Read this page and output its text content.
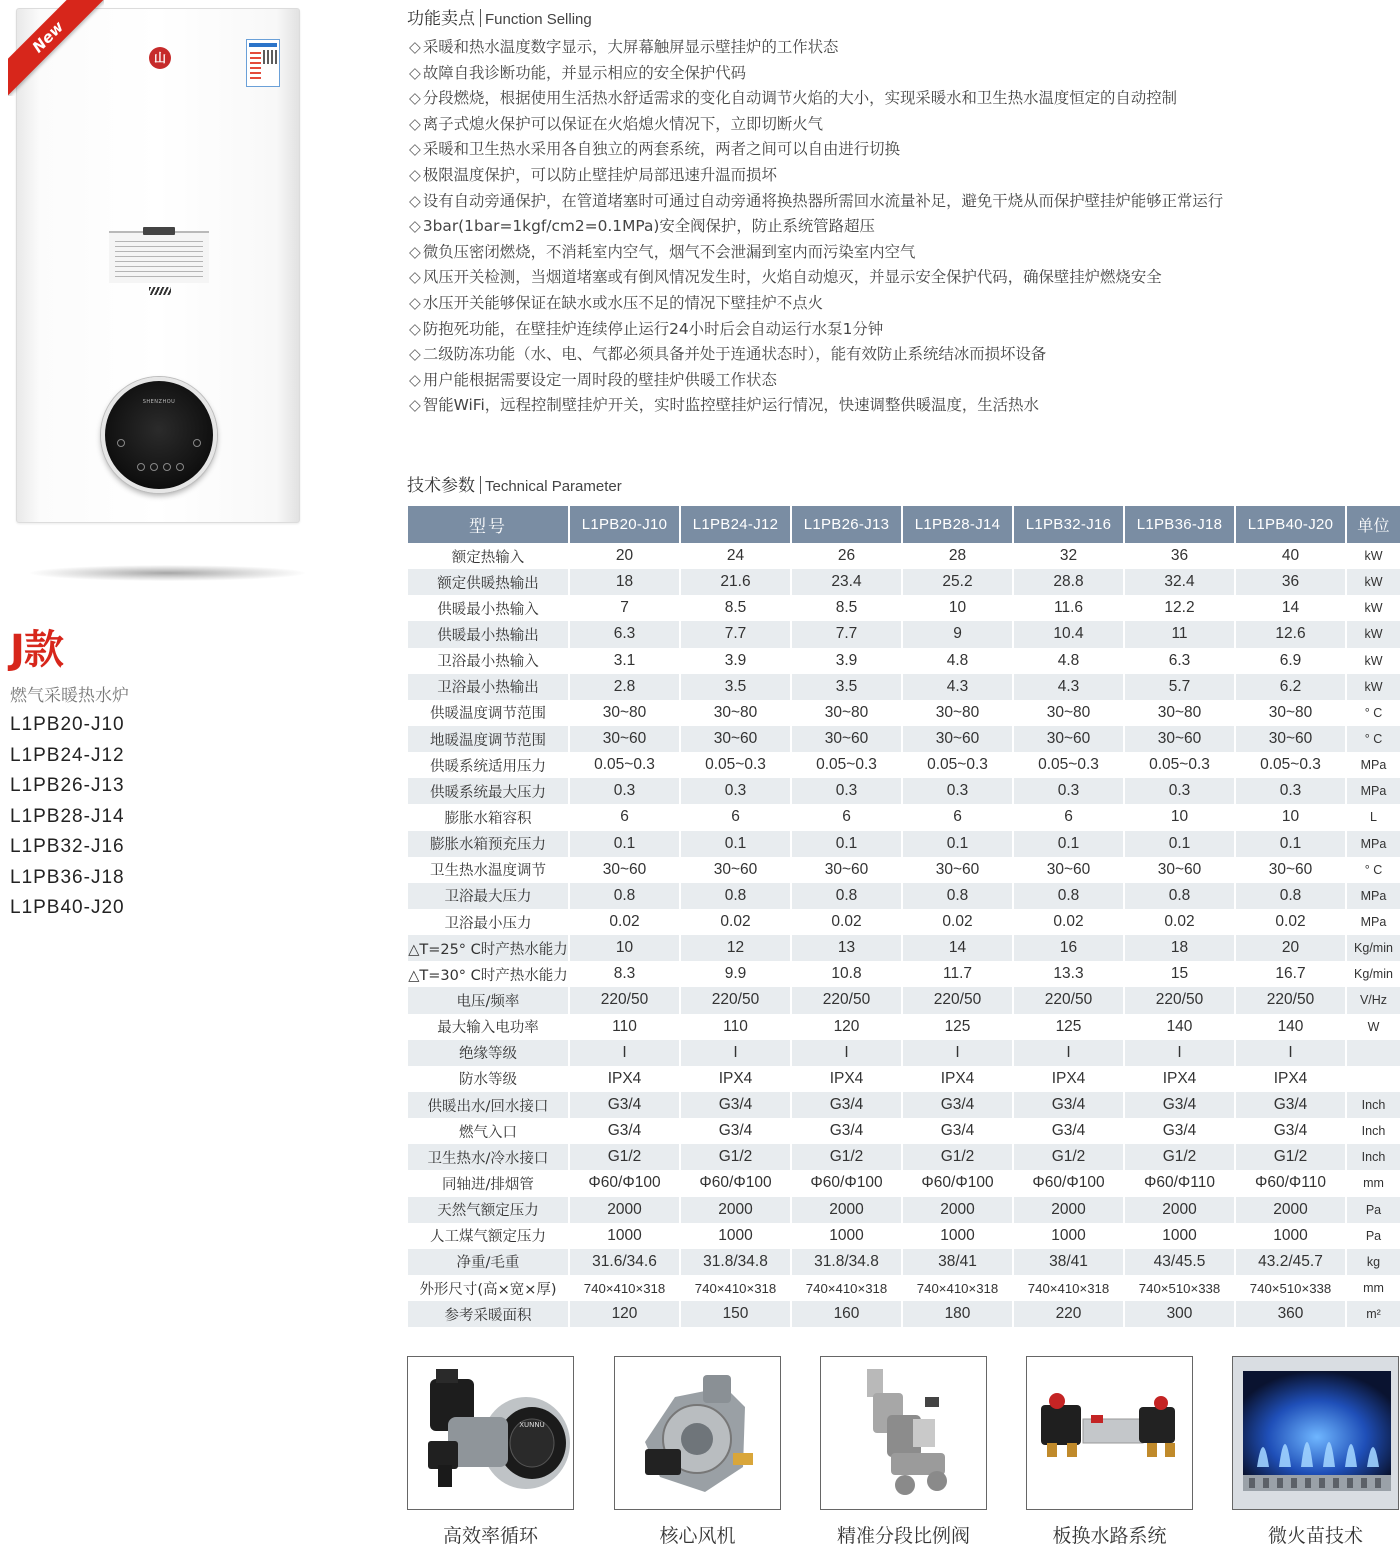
山
SHENZHOU
New
J款
燃气采暖热水炉
L1PB20-J10
L1PB24-J12
L1PB26-J13
L1PB28-J14
L1PB32-J16
L1PB36-J18
L1PB40-J20
功能卖点 Function Selling
◇ 采暖和热水温度数字显示，大屏幕触屏显示壁挂炉的工作状态
◇ 故障自我诊断功能，并显示相应的安全保护代码
◇ 分段燃烧，根据使用生活热水舒适需求的变化自动调节火焰的大小，实现采暖水和卫生热水温度恒定的自动控制
◇ 离子式熄火保护可以保证在火焰熄火情况下，立即切断火气
◇ 采暖和卫生热水采用各自独立的两套系统，两者之间可以自由进行切换
◇ 极限温度保护，可以防止壁挂炉局部迅速升温而损坏
◇ 设有自动旁通保护，在管道堵塞时可通过自动旁通将换热器所需回水流量补足，避免干烧从而保护壁挂炉能够正常运行
◇ 3bar(1bar=1kgf/cm2=0.1MPa)安全阀保护，防止系统管路超压
◇ 微负压密闭燃烧，不消耗室内空气，烟气不会泄漏到室内而污染室内空气
◇ 风压开关检测，当烟道堵塞或有倒风情况发生时，火焰自动熄灭，并显示安全保护代码，确保壁挂炉燃烧安全
◇ 水压开关能够保证在缺水或水压不足的情况下壁挂炉不点火
◇ 防抱死功能，在壁挂炉连续停止运行24小时后会自动运行水泵1分钟
◇ 二级防冻功能（水、电、气都必须具备并处于连通状态时），能有效防止系统结冰而损坏设备
◇ 用户能根据需要设定一周时段的壁挂炉供暖工作状态
◇ 智能WiFi，远程控制壁挂炉开关，实时监控壁挂炉运行情况，快速调整供暖温度，生活热水
技术参数 Technical Parameter
型号	L1PB20-J10	L1PB24-J12	L1PB26-J13	L1PB28-J14	L1PB32-J16	L1PB36-J18	L1PB40-J20	单位
额定热输入	20	24	26	28	32	36	40	kW
额定供暖热输出	18	21.6	23.4	25.2	28.8	32.4	36	kW
供暖最小热输入	7	8.5	8.5	10	11.6	12.2	14	kW
供暖最小热输出	6.3	7.7	7.7	9	10.4	11	12.6	kW
卫浴最小热输入	3.1	3.9	3.9	4.8	4.8	6.3	6.9	kW
卫浴最小热输出	2.8	3.5	3.5	4.3	4.3	5.7	6.2	kW
供暖温度调节范围	30~80	30~80	30~80	30~80	30~80	30~80	30~80	° C
地暖温度调节范围	30~60	30~60	30~60	30~60	30~60	30~60	30~60	° C
供暖系统适用压力	0.05~0.3	0.05~0.3	0.05~0.3	0.05~0.3	0.05~0.3	0.05~0.3	0.05~0.3	MPa
供暖系统最大压力	0.3	0.3	0.3	0.3	0.3	0.3	0.3	MPa
膨胀水箱容积	6	6	6	6	6	10	10	L
膨胀水箱预充压力	0.1	0.1	0.1	0.1	0.1	0.1	0.1	MPa
卫生热水温度调节	30~60	30~60	30~60	30~60	30~60	30~60	30~60	° C
卫浴最大压力	0.8	0.8	0.8	0.8	0.8	0.8	0.8	MPa
卫浴最小压力	0.02	0.02	0.02	0.02	0.02	0.02	0.02	MPa
△T=25° C时产热水能力	10	12	13	14	16	18	20	Kg/min
△T=30° C时产热水能力	8.3	9.9	10.8	11.7	13.3	15	16.7	Kg/min
电压/频率	220/50	220/50	220/50	220/50	220/50	220/50	220/50	V/Hz
最大输入电功率	110	110	120	125	125	140	140	W
绝缘等级	I	I	I	I	I	I	I	
防水等级	IPX4	IPX4	IPX4	IPX4	IPX4	IPX4	IPX4	
供暖出水/回水接口	G3/4	G3/4	G3/4	G3/4	G3/4	G3/4	G3/4	Inch
燃气入口	G3/4	G3/4	G3/4	G3/4	G3/4	G3/4	G3/4	Inch
卫生热水/冷水接口	G1/2	G1/2	G1/2	G1/2	G1/2	G1/2	G1/2	Inch
同轴进/排烟管	Φ60/Φ100	Φ60/Φ100	Φ60/Φ100	Φ60/Φ100	Φ60/Φ100	Φ60/Φ110	Φ60/Φ110	mm
天然气额定压力	2000	2000	2000	2000	2000	2000	2000	Pa
人工煤气额定压力	1000	1000	1000	1000	1000	1000	1000	Pa
净重/毛重	31.6/34.6	31.8/34.8	31.8/34.8	38/41	38/41	43/45.5	43.2/45.7	kg
外形尺寸(高×宽×厚)	740×410×318	740×410×318	740×410×318	740×410×318	740×410×318	740×510×338	740×510×338	mm
参考采暖面积	120	150	160	180	220	300	360	m²
XUNNU
高效率循环	核心风机	精准分段比例阀	板换水路系统	微火苗技术
